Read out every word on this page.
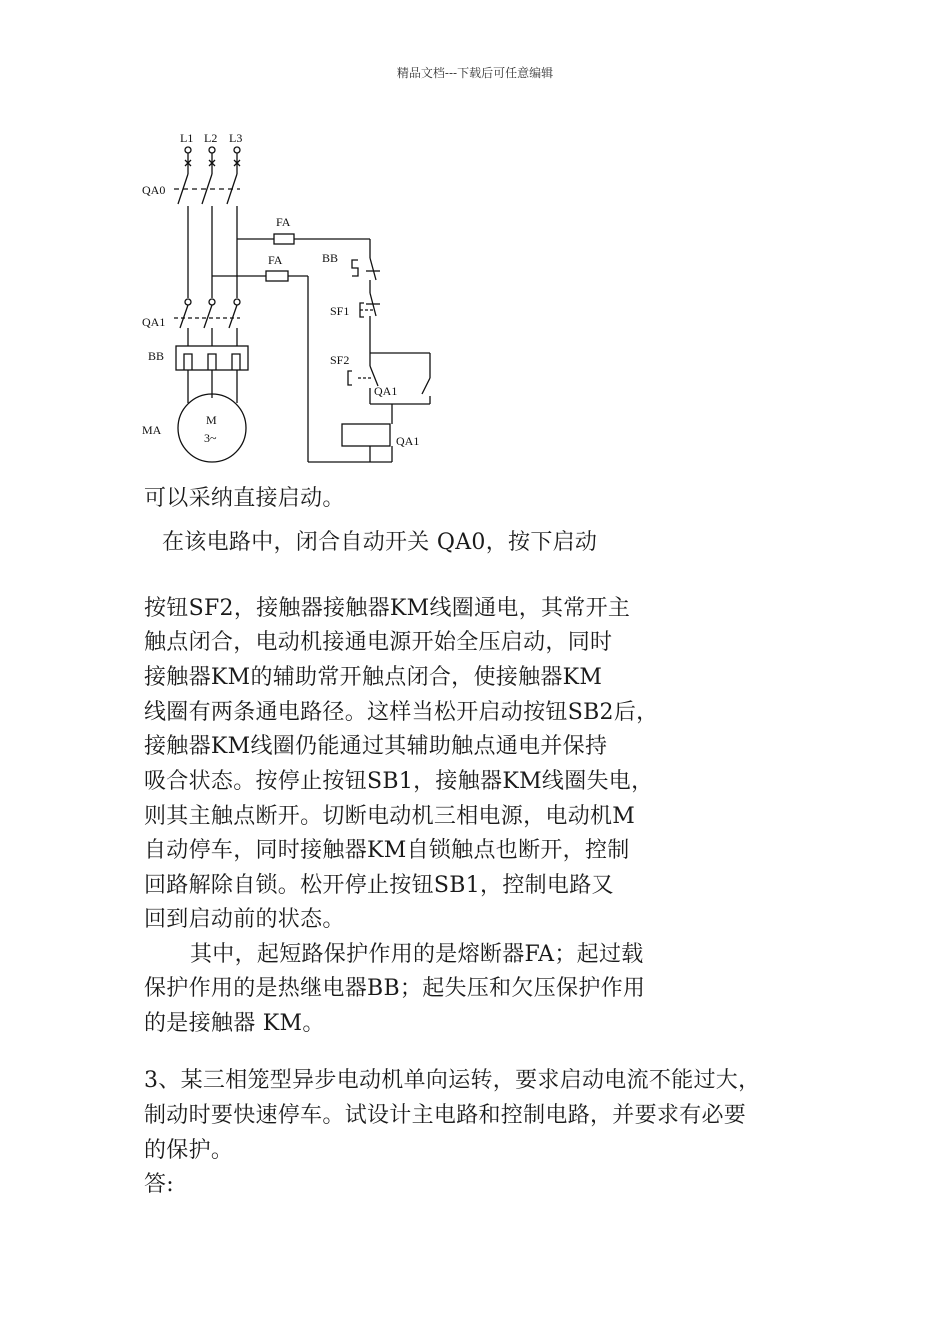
精品文档---下载后可任意编辑
L1 L2 L3
QA0
FA
FA	BB
SF1
SF2
QA1
QA1
QA1
BB
MA
M
3~
可以采纳直接启动。
在该电路中，闭合自动开关 QA0，按下启动
按钮SF2，接触器接触器KM线圈通电，其常开主
触点闭合，电动机接通电源开始全压启动，同时
接触器KM的辅助常开触点闭合，使接触器KM
线圈有两条通电路径。这样当松开启动按钮SB2后，
接触器KM线圈仍能通过其辅助触点通电并保持
吸合状态。按停止按钮SB1，接触器KM线圈失电，
则其主触点断开。切断电动机三相电源，电动机M
自动停车，同时接触器KM自锁触点也断开，控制
回路解除自锁。松开停止按钮SB1，控制电路又
回到启动前的状态。
其中，起短路保护作用的是熔断器FA；起过载
保护作用的是热继电器BB；起失压和欠压保护作用
的是接触器 KM。
3、某三相笼型异步电动机单向运转，要求启动电流不能过大，
制动时要快速停车。试设计主电路和控制电路，并要求有必要
的保护。
答:
